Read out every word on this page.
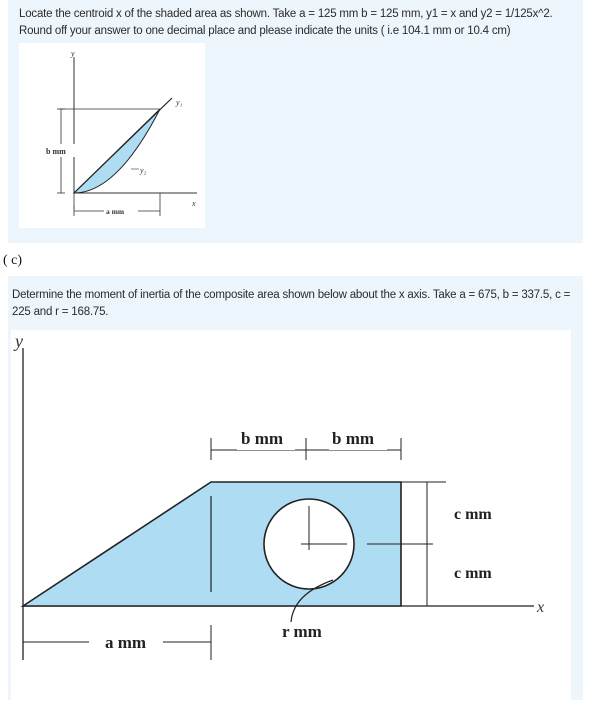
Locate the centroid x of the shaded area as shown. Take a = 125 mm b = 125 mm, y1 = x and y2 = 1/125x^2. Round off your answer to one decimal place and please indicate the units ( i.e 104.1 mm or 10.4 cm)
y
x
y₁
y₂
b mm
a mm
( c)
Determine the moment of inertia of the composite area shown below about the x axis. Take a = 675, b = 337.5, c = 225 and r = 168.75.
y
x
b mm	b mm
c mm
c mm
r mm
a mm
